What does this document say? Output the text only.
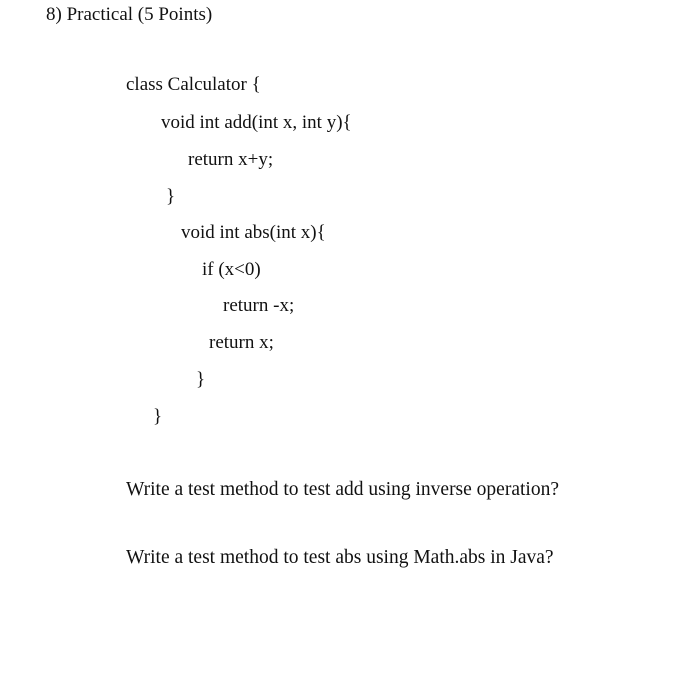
8) Practical (5 Points)
class Calculator {
void int add(int x, int y){
return x+y;
}
void int abs(int x){
if (x<0)
return -x;
return x;
}
}
Write a test method to test add using inverse operation?
Write a test method to test abs using Math.abs in Java?
